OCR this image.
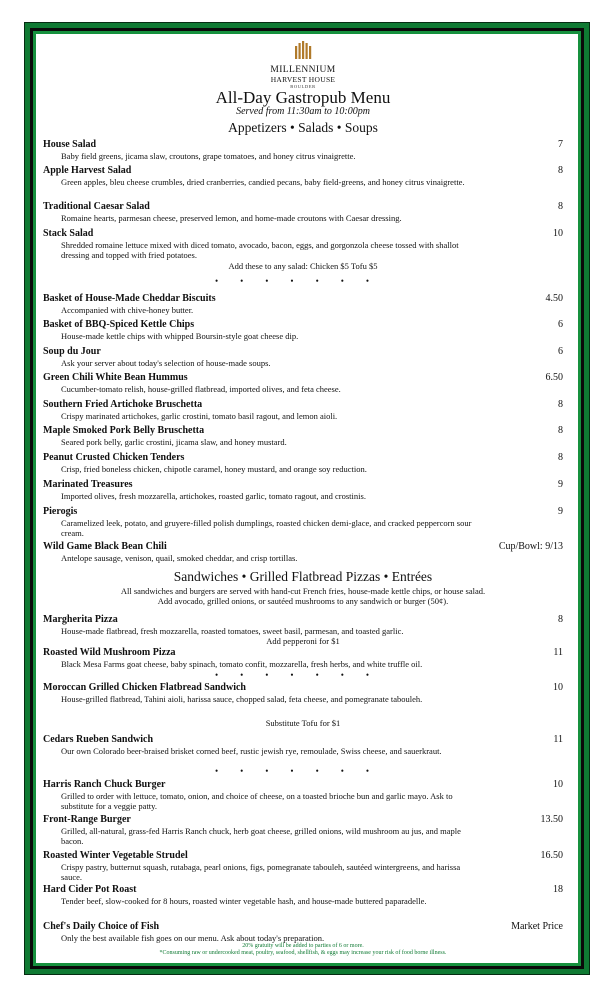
MILLENNIUM
HARVEST HOUSE
BOULDER
All-Day Gastropub Menu
Served from 11:30am to 10:00pm
Appetizers • Salads • Soups
House Salad	7
Baby field greens, jicama slaw, croutons, grape tomatoes, and honey citrus vinaigrette.
Apple Harvest Salad	8
Green apples, bleu cheese crumbles, dried cranberries, candied pecans, baby field-greens, and honey citrus vinaigrette.
Traditional Caesar Salad	8
Romaine hearts, parmesan cheese, preserved lemon, and home-made croutons with Caesar dressing.
Stack Salad	10
Shredded romaine lettuce mixed with diced tomato, avocado, bacon, eggs, and gorgonzola cheese tossed with shallot dressing and topped with fried potatoes.
Add these to any salad: Chicken $5 Tofu $5
•••••••
Basket of House-Made Cheddar Biscuits	4.50
Accompanied with chive-honey butter.
Basket of BBQ-Spiced Kettle Chips	6
House-made kettle chips with whipped Boursin-style goat cheese dip.
Soup du Jour	6
Ask your server about today's selection of house-made soups.
Green Chili White Bean Hummus	6.50
Cucumber-tomato relish, house-grilled flatbread, imported olives, and feta cheese.
Southern Fried Artichoke Bruschetta	8
Crispy marinated artichokes, garlic crostini, tomato basil ragout, and lemon aioli.
Maple Smoked Pork Belly Bruschetta	8
Seared pork belly, garlic crostini, jicama slaw, and honey mustard.
Peanut Crusted Chicken Tenders	8
Crisp, fried boneless chicken, chipotle caramel, honey mustard, and orange soy reduction.
Marinated Treasures	9
Imported olives, fresh mozzarella, artichokes, roasted garlic, tomato ragout, and crostinis.
Pierogis	9
Caramelized leek, potato, and gruyere-filled polish dumplings, roasted chicken demi-glace, and cracked peppercorn sour cream.
Wild Game Black Bean Chili	Cup/Bowl: 9/13
Antelope sausage, venison, quail, smoked cheddar, and crisp tortillas.
Sandwiches • Grilled Flatbread Pizzas • Entrées
All sandwiches and burgers are served with hand-cut French fries, house-made kettle chips, or house salad.
Add avocado, grilled onions, or sautéed mushrooms to any sandwich or burger (50¢).
Margherita Pizza	8
House-made flatbread, fresh mozzarella, roasted tomatoes, sweet basil, parmesan, and toasted garlic.
Add pepperoni for $1
Roasted Wild Mushroom Pizza	11
Black Mesa Farms goat cheese, baby spinach, tomato confit, mozzarella, fresh herbs, and white truffle oil.
•••••••
Moroccan Grilled Chicken Flatbread Sandwich	10
House-grilled flatbread, Tahini aioli, harissa sauce, chopped salad, feta cheese, and pomegranate tabouleh.
Substitute Tofu for $1
Cedars Rueben Sandwich	11
Our own Colorado beer-braised brisket corned beef, rustic jewish rye, remoulade, Swiss cheese, and sauerkraut.
•••••••
Harris Ranch Chuck Burger	10
Grilled to order with lettuce, tomato, onion, and choice of cheese, on a toasted brioche bun and garlic mayo. Ask to substitute for a veggie patty.
Front-Range Burger	13.50
Grilled, all-natural, grass-fed Harris Ranch chuck, herb goat cheese, grilled onions, wild mushroom au jus, and maple bacon.
Roasted Winter Vegetable Strudel	16.50
Crispy pastry, butternut squash, rutabaga, pearl onions, figs, pomegranate tabouleh, sautéed wintergreens, and harissa sauce.
Hard Cider Pot Roast	18
Tender beef, slow-cooked for 8 hours, roasted winter vegetable hash, and house-made buttered paparadelle.
Chef's Daily Choice of Fish	Market Price
Only the best available fish goes on our menu. Ask about today's preparation.
20% gratuity will be added to parties of 6 or more.
*Consuming raw or undercooked meat, poultry, seafood, shellfish, & eggs may increase your risk of food borne illness.
